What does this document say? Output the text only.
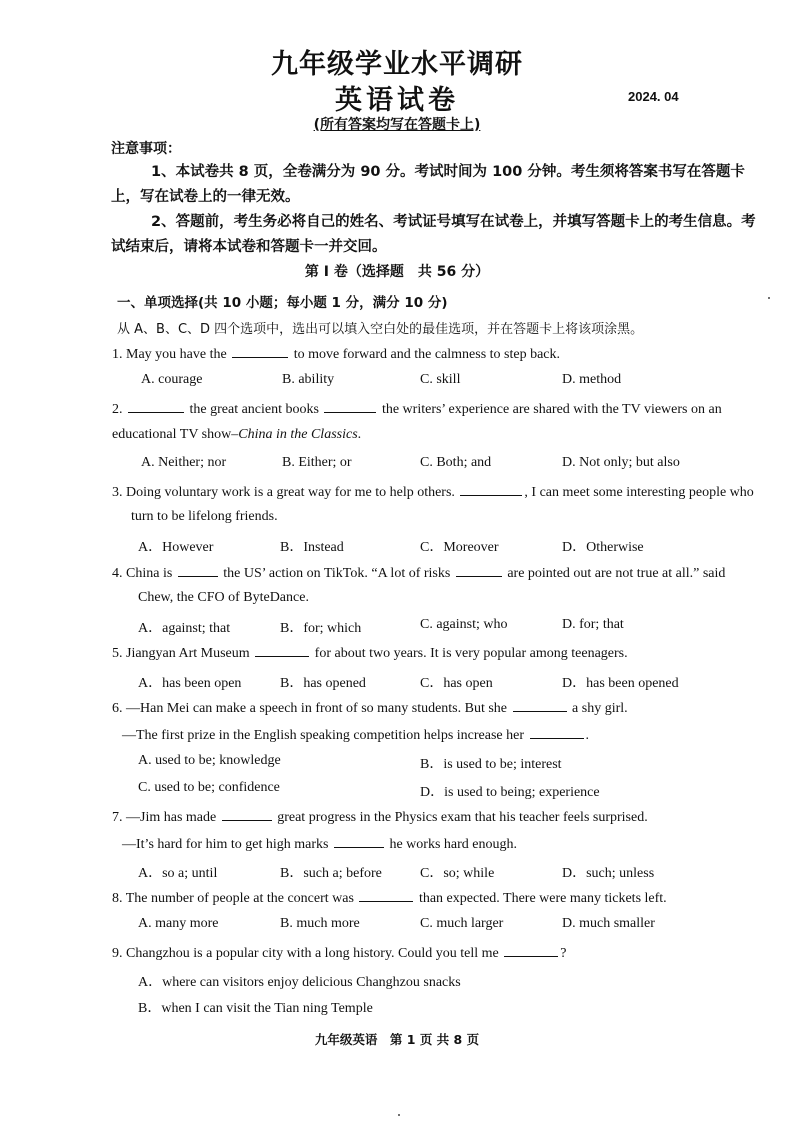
九年级学业水平调研
英语试卷	2024. 04
(所有答案均写在答题卡上)
注意事项：

1、本试卷共 8 页，全卷满分为 90 分。考试时间为 100 分钟。考生须将答案书写在答题卡上，写在试卷上的一律无效。

2、答题前，考生务必将自己的姓名、考试证号填写在试卷上，并填写答题卡上的考生信息。考试结束后，请将本试卷和答题卡一并交回。

第 I 卷（选择题　共 56 分）
一、单项选择(共 10 小题；每小题 1 分，满分 10 分)
从 A、B、C、D 四个选项中，选出可以填入空白处的最佳选项，并在答题卡上将该项涂黑。
1. May you have the	to move forward and the calmness to step back.
A. courage	B. ability	C. skill	D. method
2.	the great ancient books	the writers’ experience are shared with the TV viewers on an
educational TV show–China in the Classics.
A. Neither; nor	B. Either; or	C. Both; and	D. Not only; but also
3. Doing voluntary work is a great way for me to help others.	, I can meet some interesting people who
turn to be lifelong friends.
A．However	B．Instead	C．Moreover	D．Otherwise
4. China is	the US’ action on TikTok. “A lot of risks	are pointed out are not true at all.” said
Chew, the CFO of ByteDance.
A．against; that	B．for; which	C. against; who	D. for; that
5. Jiangyan Art Museum	for about two years. It is very popular among teenagers.
A．has been open	B．has opened	C．has open	D．has been opened
6. —Han Mei can make a speech in front of so many students. But she	a shy girl.
—The first prize in the English speaking competition helps increase her	.
A. used to be; knowledge	B．is used to be; interest
C. used to be; confidence	D．is used to being; experience
7. —Jim has made	great progress in the Physics exam that his teacher feels surprised.
—It’s hard for him to get high marks	he works hard enough.
A．so a; until	B．such a; before	C．so; while	D．such; unless
8. The number of people at the concert was	than expected. There were many tickets left.
A. many more	B. much more	C. much larger	D. much smaller
9. Changzhou is a popular city with a long history. Could you tell me	?
A．where can visitors enjoy delicious Changhzou snacks
B．when I can visit the Tian ning Temple
九年级英语　第 1 页 共 8 页
